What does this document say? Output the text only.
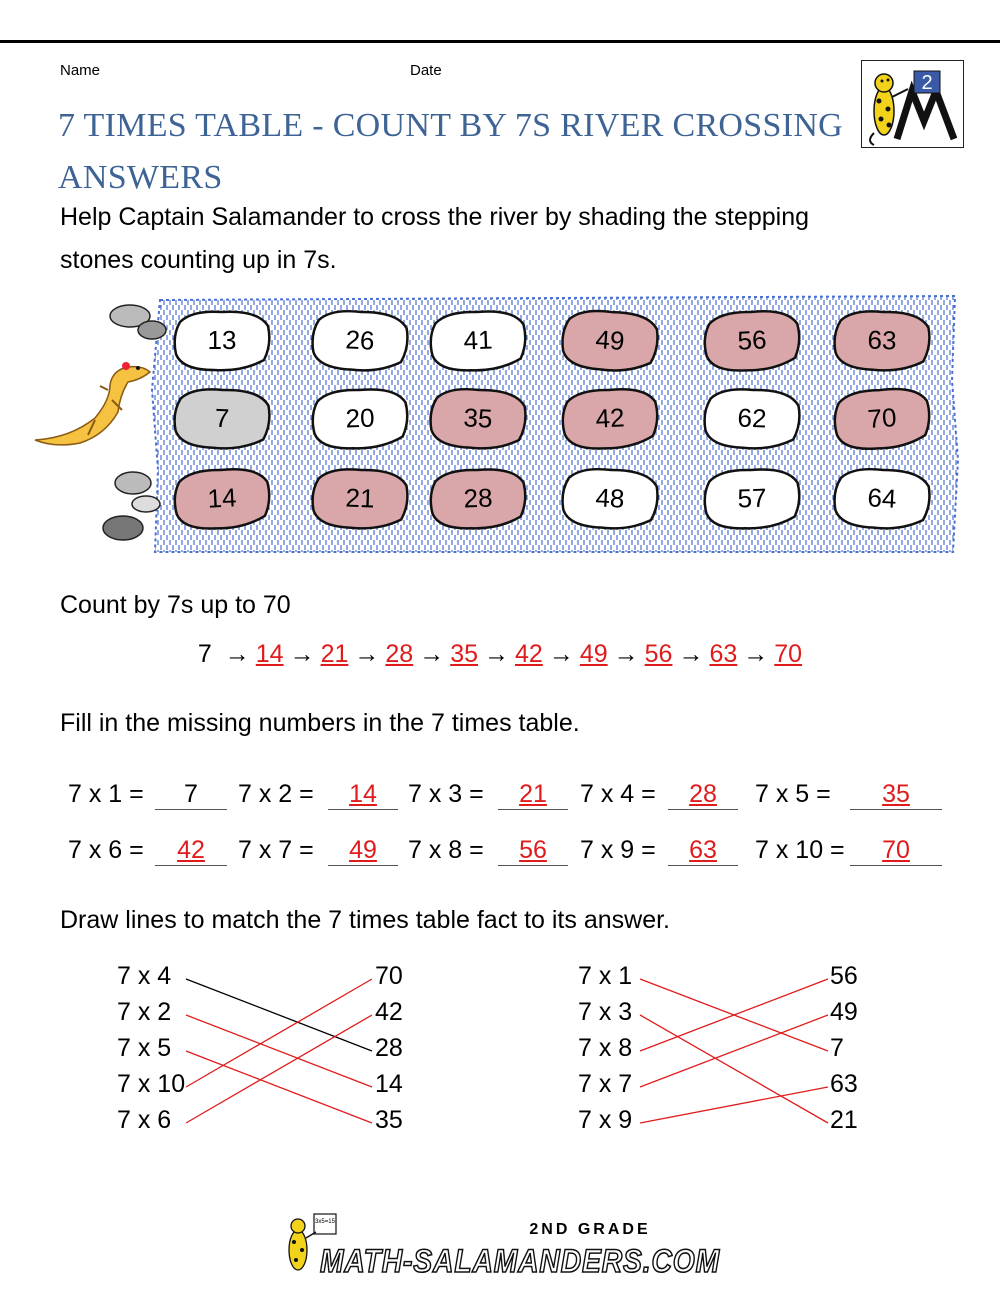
Name	Date
7 TIMES TABLE - COUNT BY 7S RIVER CROSSING
ANSWERS
2
Help Captain Salamander to cross the river by shading the stepping
stones counting up in 7s.
13	26	41	49	56	63
7	20	35	42	62	70
14	21	28	48	57	64
Count by 7s up to 70
7 → 14 → 21 → 28 → 35 → 42 → 49 → 56 → 63 → 70
Fill in the missing numbers in the 7 times table.
7 x 1 =	7	7 x 2 =	14	7 x 3 =	21	7 x 4 =	28	7 x 5 =	35
7 x 6 =	42	7 x 7 =	49	7 x 8 =	56	7 x 9 =	63	7 x 10 =	70
Draw lines to match the 7 times table fact to its answer.
7 x 4
7 x 2
7 x 5
7 x 10
7 x 6
70
42
28
14
35
7 x 1
7 x 3
7 x 8
7 x 7
7 x 9
56
49
7
63
21
3x5=15	2ND GRADE
MATH-SALAMANDERS.COM
